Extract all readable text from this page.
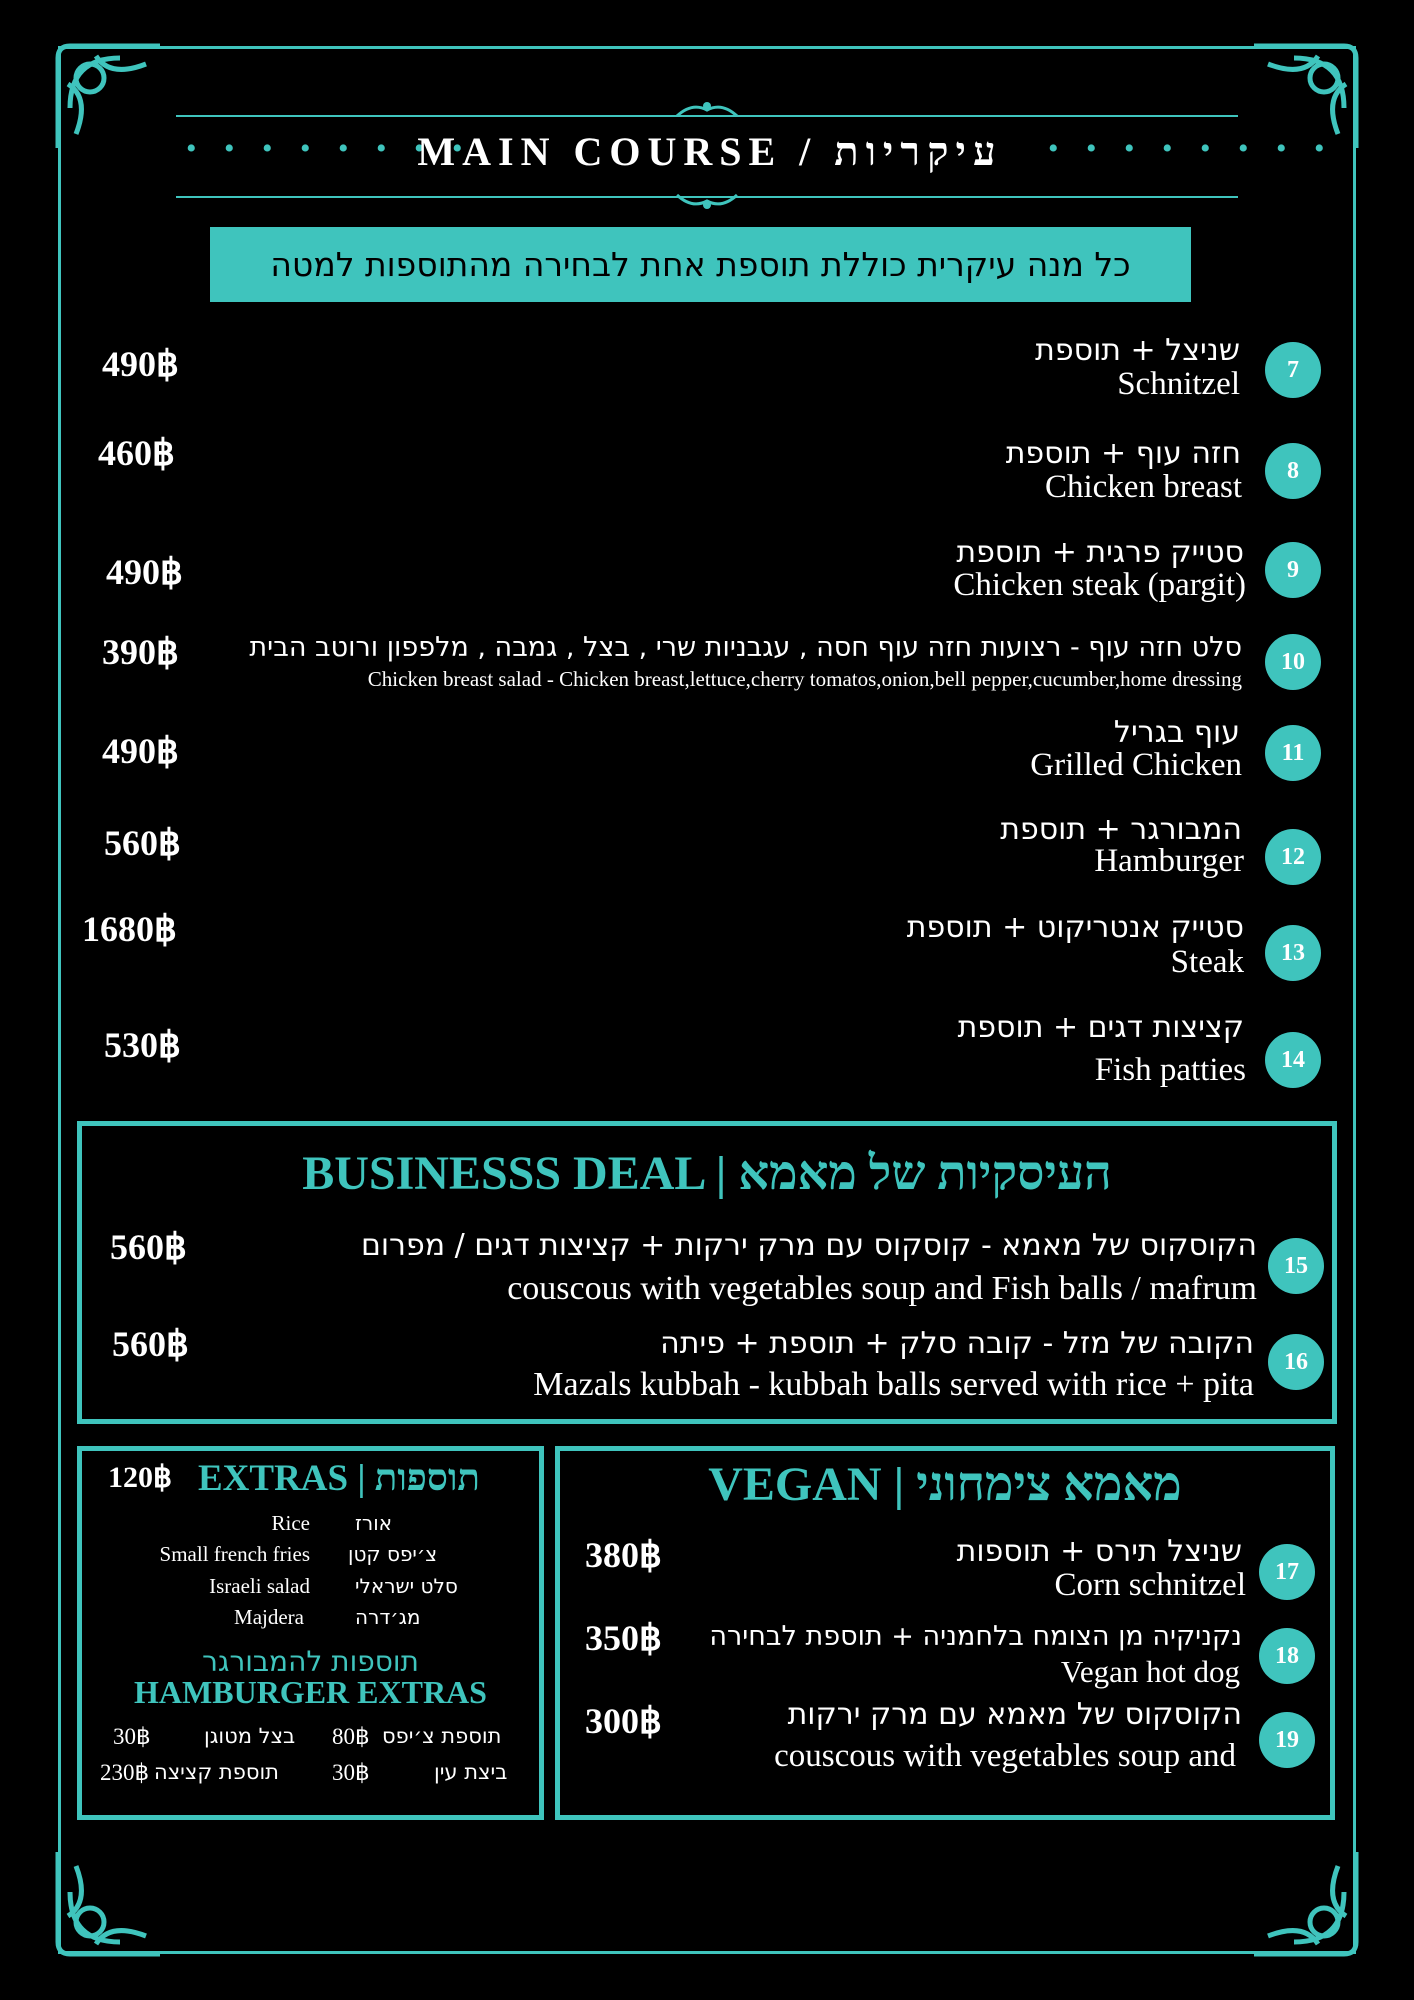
• • • • • • • •
MAIN COURSE / עיקריות	• • • • • • • •
כל מנה עיקרית כוללת תוספת אחת לבחירה מהתוספות למטה
7
שניצל + תוספת
Schnitzel
490฿
8
חזה עוף + תוספת
Chicken breast
460฿
9
סטייק פרגית + תוספת
Chicken steak (pargit)
490฿
10
סלט חזה עוף - רצועות חזה עוף חסה , עגבניות שרי , בצל , גמבה , מלפפון ורוטב הבית
Chicken breast salad - Chicken breast,lettuce,cherry tomatos,onion,bell pepper,cucumber,home dressing
390฿
11
עוף בגריל
Grilled Chicken
490฿
12
המבורגר + תוספת
Hamburger
560฿
13
סטייק אנטריקוט + תוספת
Steak
1680฿
14
קציצות דגים + תוספת
Fish patties
530฿
BUSINESSS DEAL | העיסקיות של מאמא
15
הקוסקוס של מאמא - קוסקוס עם מרק ירקות + קציצות דגים / מפרום
couscous with vegetables soup and Fish balls / mafrum
560฿
16
הקובה של מזל - קובה סלק + תוספת + פיתה
Mazals kubbah - kubbah balls served with rice + pita
560฿
120฿ EXTRAS | תוספות
Rice אורז
Small french fries צ׳יפס קטן
Israeli salad סלט ישראלי
Majdera	מג׳דרה
תוספות להמבורגר
HAMBURGER EXTRAS
30฿	בצל מטוגן 80฿ תוספת צ׳יפס
230฿ תוספת קציצה 30฿	ביצת עין
VEGAN | מאמא צימחוני
17
שניצל תירס + תוספות
Corn schnitzel
380฿
18
נקניקיה מן הצומח בלחמניה + תוספת לבחירה
Vegan hot dog
350฿
19
הקוסקוס של מאמא עם מרק ירקות
couscous with vegetables soup and
300฿
